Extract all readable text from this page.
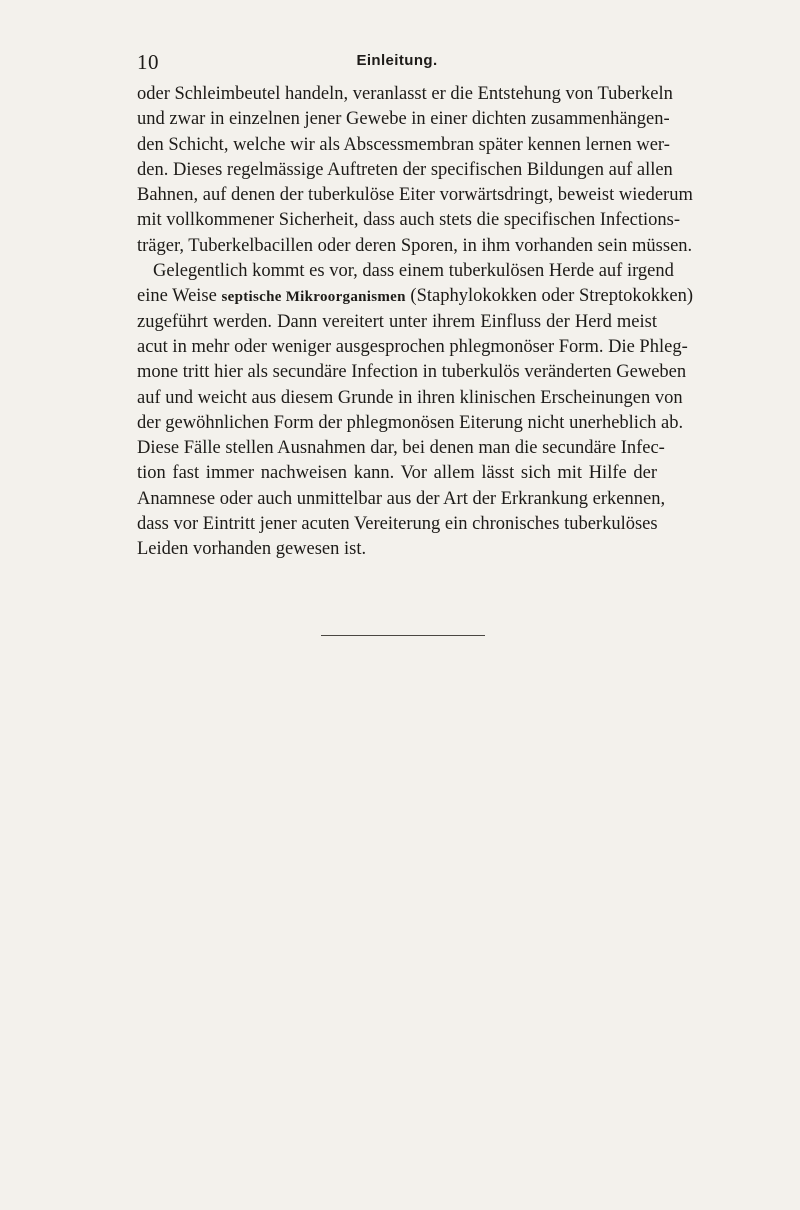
10	Einleitung.
oder Schleimbeutel handeln, veranlasst er die Entstehung von Tuberkeln
und zwar in einzelnen jener Gewebe in einer dichten zusammenhängen-
den Schicht, welche wir als Abscessmembran später kennen lernen wer-
den. Dieses regelmässige Auftreten der specifischen Bildungen auf allen
Bahnen, auf denen der tuberkulöse Eiter vorwärtsdringt, beweist wiederum
mit vollkommener Sicherheit, dass auch stets die specifischen Infections-
träger, Tuberkelbacillen oder deren Sporen, in ihm vorhanden sein müssen.
Gelegentlich kommt es vor, dass einem tuberkulösen Herde auf irgend
eine Weise septische Mikroorganismen (Staphylokokken oder Streptokokken)
zugeführt werden. Dann vereitert unter ihrem Einfluss der Herd meist
acut in mehr oder weniger ausgesprochen phlegmonöser Form. Die Phleg-
mone tritt hier als secundäre Infection in tuberkulös veränderten Geweben
auf und weicht aus diesem Grunde in ihren klinischen Erscheinungen von
der gewöhnlichen Form der phlegmonösen Eiterung nicht unerheblich ab.
Diese Fälle stellen Ausnahmen dar, bei denen man die secundäre Infec-
tion fast immer nachweisen kann. Vor allem lässt sich mit Hilfe der
Anamnese oder auch unmittelbar aus der Art der Erkrankung erkennen,
dass vor Eintritt jener acuten Vereiterung ein chronisches tuberkulöses
Leiden vorhanden gewesen ist.
